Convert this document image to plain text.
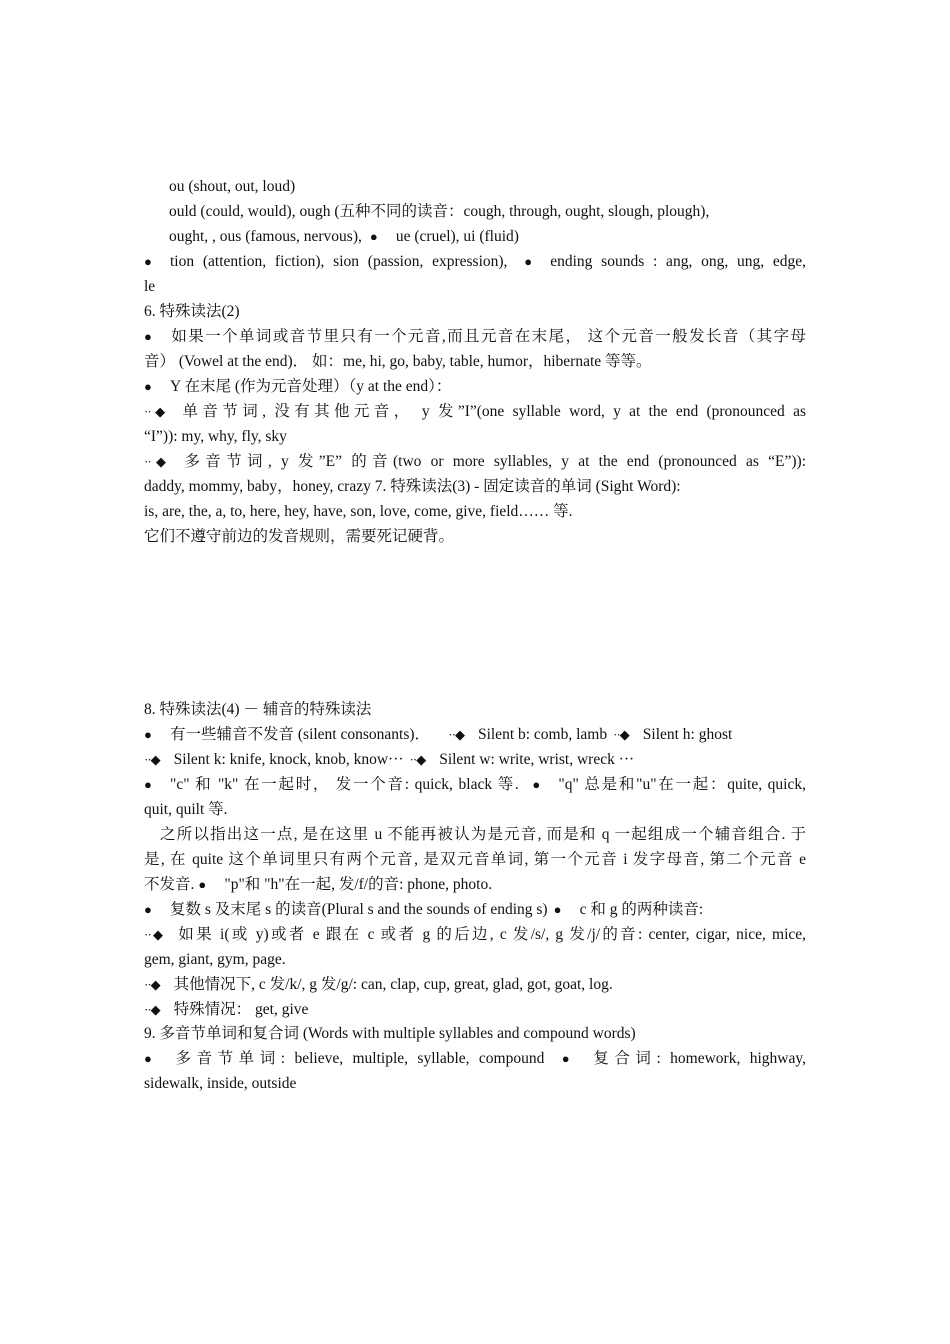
ou (shout, out, loud)
ould (could, would), ough (五种不同的读音：cough, through, ought, slough, plough),
ought, , ous (famous, nervous), ● ue (cruel), ui (fluid)
● tion (attention, fiction), sion (passion, expression), ● ending sounds : ang, ong, ung, edge,
le
6. 特殊读法(2)
● 如果一个单词或音节里只有一个元音,而且元音在末尾， 这个元音一般发长音（其字母
音） (Vowel at the end)． 如：me, hi, go, baby, table, humor，hibernate 等等。
● Y 在末尾 (作为元音处理）（y at the end）：
··◆ 单音节词, 没有其他元音， y 发”I”(one syllable word, y at the end (pronounced as
“I”)): my, why, fly, sky
··◆ 多音节词, y 发”E” 的音(two or more syllables, y at the end (pronounced as “E”)):
daddy, mommy, baby，honey, crazy 7. 特殊读法(3) - 固定读音的单词 (Sight Word):
is, are, the, a, to, here, hey, have, son, love, come, give, field…… 等.
它们不遵守前边的发音规则，需要死记硬背。
8. 特殊读法(4) － 辅音的特殊读法
● 有一些辅音不发音 (silent consonants)． ··◆ Silent b: comb, lamb ··◆ Silent h: ghost
··◆ Silent k: knife, knock, knob, know··· ··◆ Silent w: write, wrist, wreck ···
● "c" 和 "k" 在一起时， 发一个音: quick, black 等. ● "q" 总是和"u"在一起：quite, quick,
quit, quilt 等.
之所以指出这一点, 是在这里 u 不能再被认为是元音, 而是和 q 一起组成一个辅音组合. 于
是, 在 quite 这个单词里只有两个元音, 是双元音单词, 第一个元音 i 发字母音, 第二个元音 e
不发音. ● "p"和 "h"在一起, 发/f/的音: phone, photo.
● 复数 s 及末尾 s 的读音(Plural s and the sounds of ending s) ● c 和 g 的两种读音:
··◆ 如果 i(或 y)或者 e 跟在 c 或者 g 的后边, c 发/s/, g 发/j/的音: center, cigar, nice, mice,
gem, giant, gym, page.
··◆ 其他情况下, c 发/k/, g 发/g/: can, clap, cup, great, glad, got, goat, log.
··◆ 特殊情况： get, give
9. 多音节单词和复合词 (Words with multiple syllables and compound words)
● 多音节单词: believe, multiple, syllable, compound ● 复合词: homework, highway,
sidewalk, inside, outside
